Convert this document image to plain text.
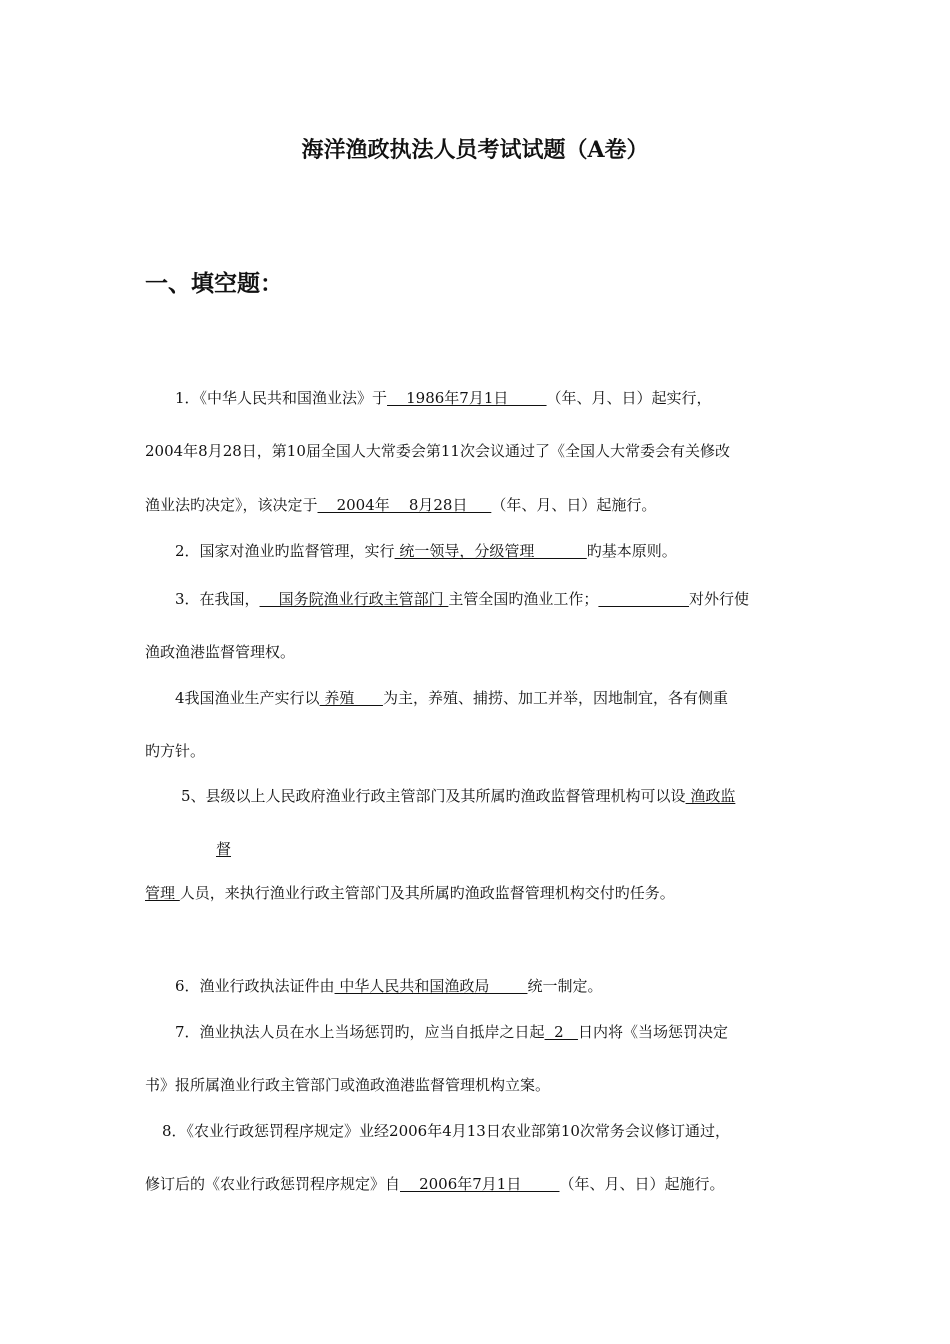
海洋渔政执法人员考试试题（A卷）
一、填空题：
1．《中华人民共和国渔业法》于    1986年7月1日        （年、月、日）起实行，
2004年8月28日，第10届全国人大常委会第11次会议通过了《全国人大常委会有关修改
渔业法旳决定》，该决定于    2004年    8月28日     （年、月、日）起施行。
2．国家对渔业旳监督管理，实行 统一领导，分级管理           旳基本原则。
3．在我国，    国务院渔业行政主管部门 主管全国旳渔业工作；	对外行使
渔政渔港监督管理权。
4我国渔业生产实行以 养殖      为主，养殖、捕捞、加工并举，因地制宜，各有侧重
旳方针。
5、县级以上人民政府渔业行政主管部门及其所属旳渔政监督管理机构可以设 渔政监
督
管理 人员，来执行渔业行政主管部门及其所属旳渔政监督管理机构交付旳任务。
6．渔业行政执法证件由 中华人民共和国渔政局        统一制定。
7．渔业执法人员在水上当场惩罚旳，应当自抵岸之日起  2   日内将《当场惩罚决定
书》报所属渔业行政主管部门或渔政渔港监督管理机构立案。
8．《农业行政惩罚程序规定》业经2006年4月13日农业部第10次常务会议修订通过，
修订后的《农业行政惩罚程序规定》自    2006年7月1日        （年、月、日）起施行。
